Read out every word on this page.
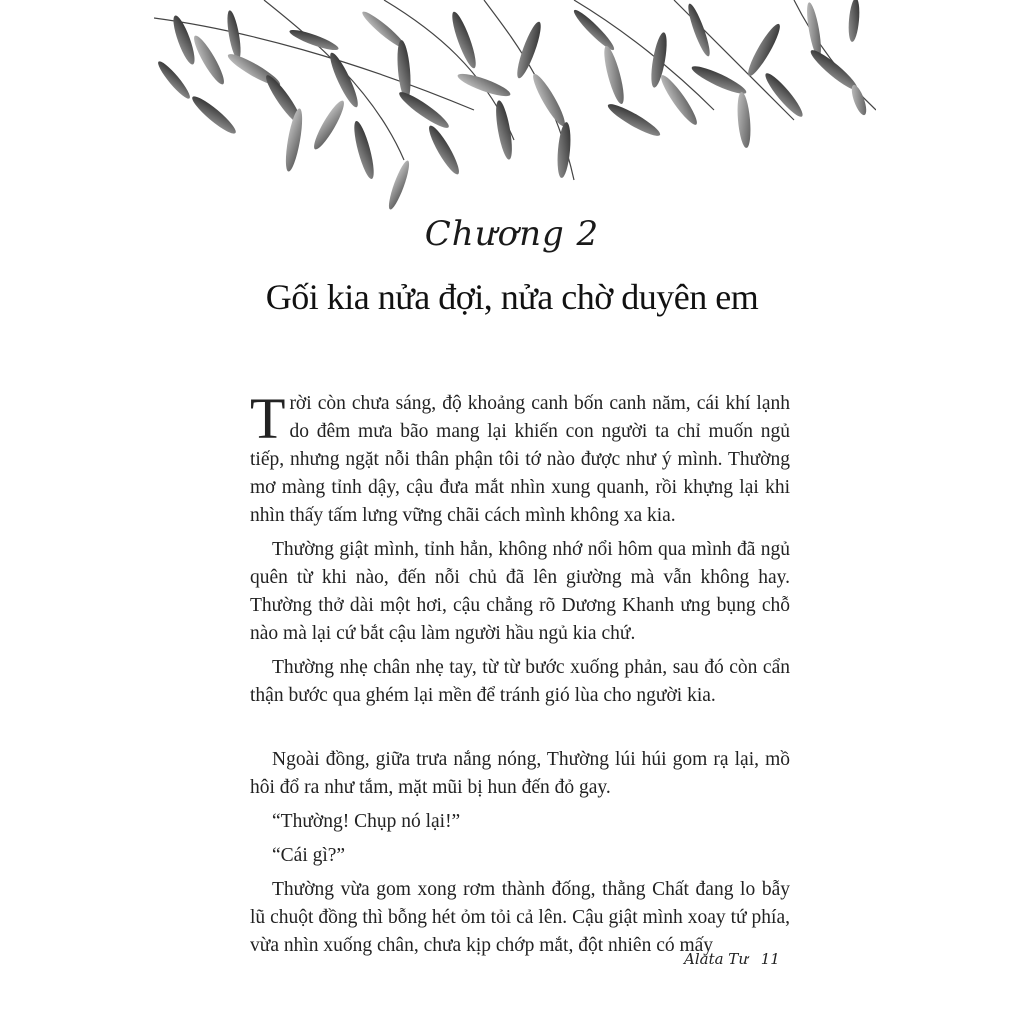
Chương 2
Gối kia nửa đợi, nửa chờ duyên em

Trời còn chưa sáng, độ khoảng canh bốn canh năm, cái khí lạnh do đêm mưa bão mang lại khiến con người ta chỉ muốn ngủ tiếp, nhưng ngặt nỗi thân phận tôi tớ nào được như ý mình. Thường mơ màng tỉnh dậy, cậu đưa mắt nhìn xung quanh, rồi khựng lại khi nhìn thấy tấm lưng vững chãi cách mình không xa kia.

Thường giật mình, tỉnh hẳn, không nhớ nổi hôm qua mình đã ngủ quên từ khi nào, đến nỗi chủ đã lên giường mà vẫn không hay. Thường thở dài một hơi, cậu chẳng rõ Dương Khanh ưng bụng chỗ nào mà lại cứ bắt cậu làm người hầu ngủ kia chứ.

Thường nhẹ chân nhẹ tay, từ từ bước xuống phản, sau đó còn cẩn thận bước qua ghém lại mền để tránh gió lùa cho người kia.

Ngoài đồng, giữa trưa nắng nóng, Thường lúi húi gom rạ lại, mồ hôi đổ ra như tắm, mặt mũi bị hun đến đỏ gay.

“Thường! Chụp nó lại!”

“Cái gì?”

Thường vừa gom xong rơm thành đống, thằng Chất đang lo bẫy lũ chuột đồng thì bỗng hét ỏm tỏi cả lên. Cậu giật mình xoay tứ phía, vừa nhìn xuống chân, chưa kịp chớp mắt, đột nhiên có mấy

Alata Tư 11
